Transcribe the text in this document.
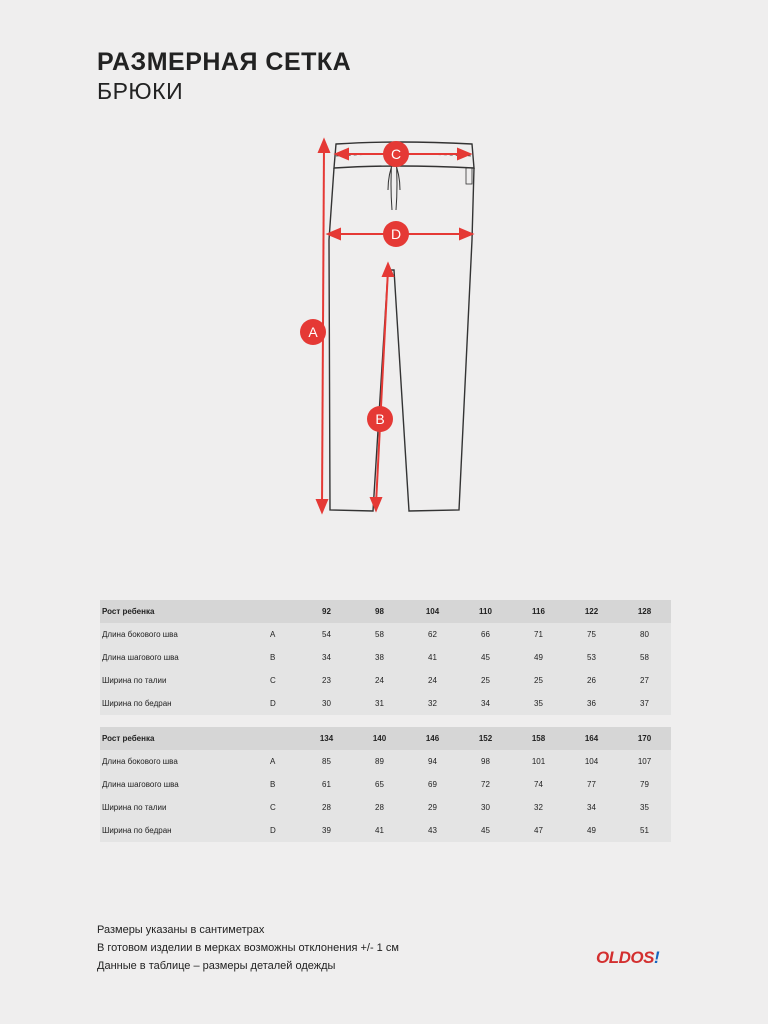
РАЗМЕРНАЯ СЕТКА
БРЮКИ
C
D
A
B
Рост ребенка		92	98	104	110	116	122	128
Длина бокового шва	A	54	58	62	66	71	75	80
Длина шагового шва	B	34	38	41	45	49	53	58
Ширина по талии	C	23	24	24	25	25	26	27
Ширина по бедран	D	30	31	32	34	35	36	37
Рост ребенка		134	140	146	152	158	164	170
Длина бокового шва	A	85	89	94	98	101	104	107
Длина шагового шва	B	61	65	69	72	74	77	79
Ширина по талии	C	28	28	29	30	32	34	35
Ширина по бедран	D	39	41	43	45	47	49	51
Размеры указаны в сантиметрах
В готовом изделии в мерках возможны отклонения +/- 1 см
Данные в таблице – размеры деталей одежды	OLDOS!
